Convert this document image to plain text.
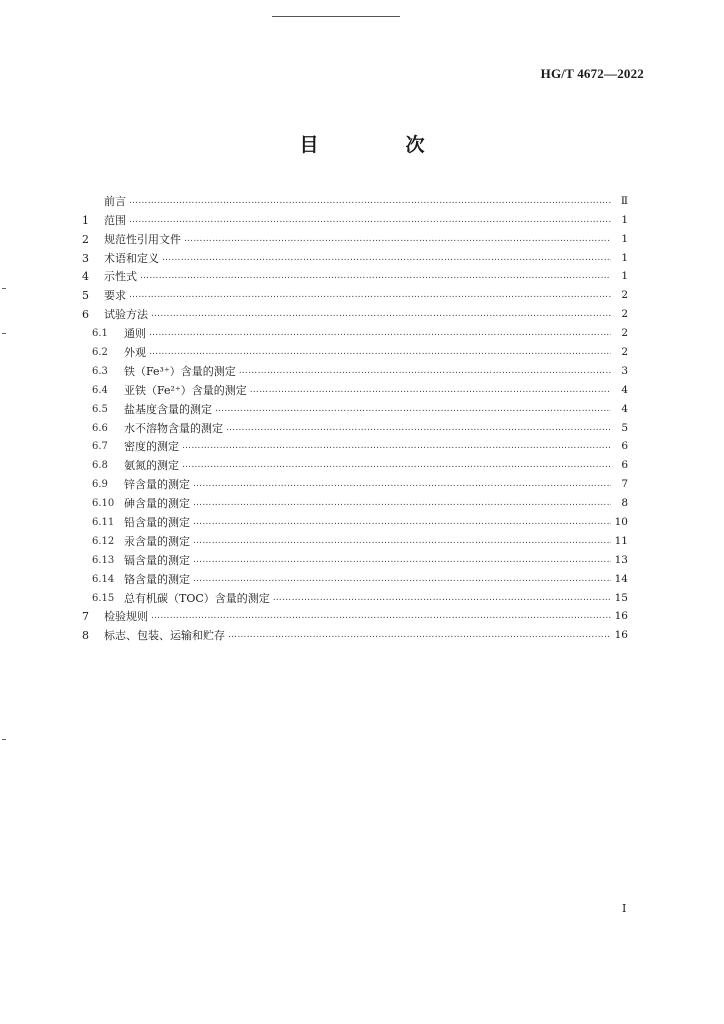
HG/T 4672—2022
目　次
前言 ………………………………………………………………………………………………………………………………………………………………………………………………	Ⅱ
1	范围 ………………………………………………………………………………………………………………………………………………………………………………………………	1
2	规范性引用文件 ………………………………………………………………………………………………………………………………………………………………………………………………	1
3	术语和定义 ………………………………………………………………………………………………………………………………………………………………………………………………	1
4	示性式 ………………………………………………………………………………………………………………………………………………………………………………………………	1
5	要求 ………………………………………………………………………………………………………………………………………………………………………………………………	2
6	试验方法 ………………………………………………………………………………………………………………………………………………………………………………………………	2
6.1	通则 ………………………………………………………………………………………………………………………………………………………………………………………………	2
6.2	外观 ………………………………………………………………………………………………………………………………………………………………………………………………	2
6.3	铁（Fe³⁺）含量的测定 ………………………………………………………………………………………………………………………………………………………………………………………………	3
6.4	亚铁（Fe²⁺）含量的测定 ………………………………………………………………………………………………………………………………………………………………………………………………	4
6.5	盐基度含量的测定 ………………………………………………………………………………………………………………………………………………………………………………………………	4
6.6	水不溶物含量的测定 ………………………………………………………………………………………………………………………………………………………………………………………………	5
6.7	密度的测定 ………………………………………………………………………………………………………………………………………………………………………………………………	6
6.8	氨氮的测定 ………………………………………………………………………………………………………………………………………………………………………………………………	6
6.9	锌含量的测定 ………………………………………………………………………………………………………………………………………………………………………………………………	7
6.10 砷含量的测定 ………………………………………………………………………………………………………………………………………………………………………………………………	8
6.11 铅含量的测定 ………………………………………………………………………………………………………………………………………………………………………………………………	10
6.12 汞含量的测定 ………………………………………………………………………………………………………………………………………………………………………………………………	11
6.13 镉含量的测定 ………………………………………………………………………………………………………………………………………………………………………………………………	13
6.14 铬含量的测定 ………………………………………………………………………………………………………………………………………………………………………………………………	14
6.15 总有机碳（TOC）含量的测定 ………………………………………………………………………………………………………………………………………………………………………………………………	15
7	检验规则 ………………………………………………………………………………………………………………………………………………………………………………………………	16
8	标志、包装、运输和贮存 ………………………………………………………………………………………………………………………………………………………………………………………………	16
Ⅰ
